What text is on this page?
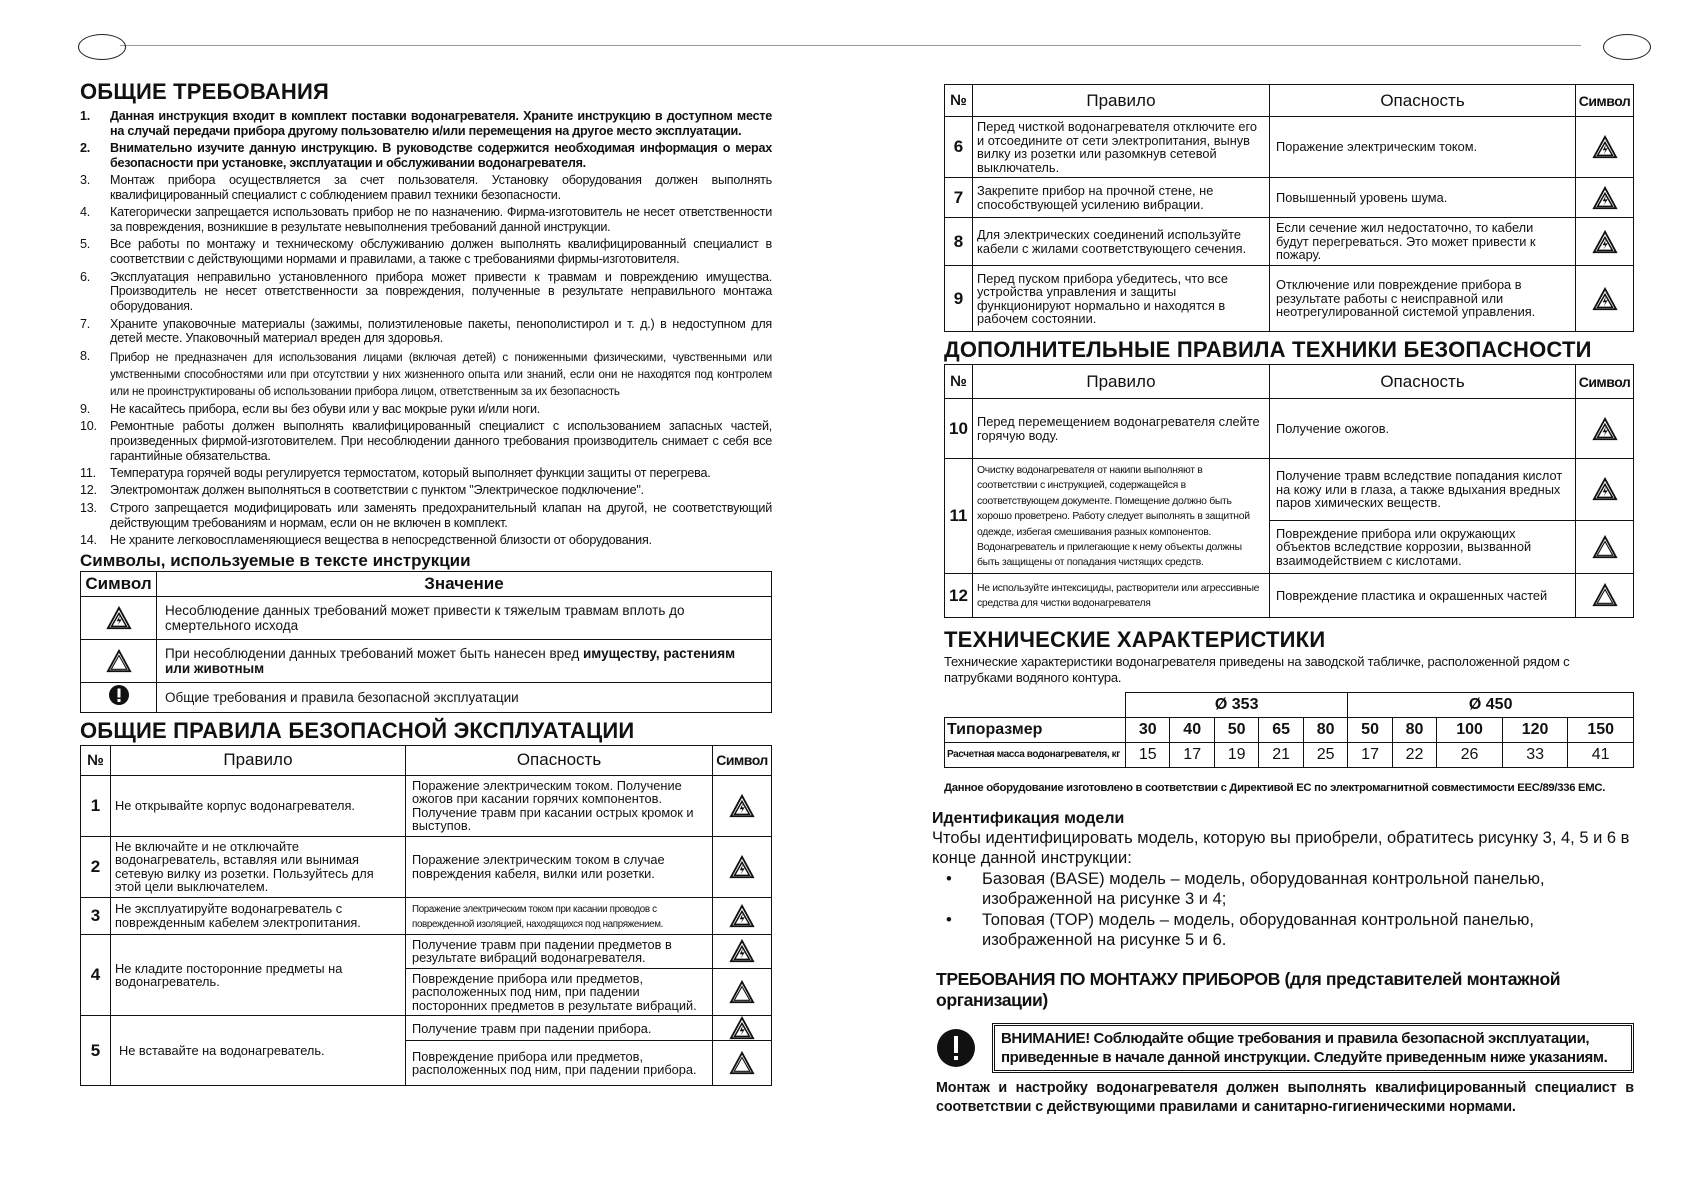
ОБЩИЕ ТРЕБОВАНИЯ
1.	Данная инструкция входит в комплект поставки водонагревателя. Храните инструкцию в доступном месте на случай передачи прибора другому пользователю и/или перемещения на другое место эксплуатации.
2.	Внимательно изучите данную инструкцию. В руководстве содержится необходимая информация о мерах безопасности при установке, эксплуатации и обслуживании водонагревателя.
3.	Монтаж прибора осуществляется за счет пользователя. Установку оборудования должен выполнять квалифицированный специалист с соблюдением правил техники безопасности.
4.	Категорически запрещается использовать прибор не по назначению. Фирма-изготовитель не несет ответственности за повреждения, возникшие в результате невыполнения требований данной инструкции.
5.	Все работы по монтажу и техническому обслуживанию должен выполнять квалифицированный специалист в соответствии с действующими нормами и правилами, а также с требованиями фирмы-изготовителя.
6.	Эксплуатация неправильно установленного прибора может привести к травмам и повреждению имущества. Производитель не несет ответственности за повреждения, полученные в результате неправильного монтажа оборудования.
7.	Храните упаковочные материалы (зажимы, полиэтиленовые пакеты, пенополистирол и т. д.) в недоступном для детей месте. Упаковочный материал вреден для здоровья.
8.	Прибор не предназначен для использования лицами (включая детей) с пониженными физическими, чувственными или умственными способностями или при отсутствии у них жизненного опыта или знаний, если они не находятся под контролем или не проинструктированы об использовании прибора лицом, ответственным за их безопасность
9.	Не касайтесь прибора, если вы без обуви или у вас мокрые руки и/или ноги.
10.	Ремонтные работы должен выполнять квалифицированный специалист с использованием запасных частей, произведенных фирмой-изготовителем. При несоблюдении данного требования производитель снимает с себя все гарантийные обязательства.
11.	Температура горячей воды регулируется термостатом, который выполняет функции защиты от перегрева.
12.	Электромонтаж должен выполняться в соответствии с пунктом "Электрическое подключение".
13.	Строго запрещается модифицировать или заменять предохранительный клапан на другой, не соответствующий действующим требованиям и нормам, если он не включен в комплект.
14.	Не храните легковоспламеняющиеся вещества в непосредственной близости от оборудования.
Символы, используемые в тексте инструкции
Символ	Значение

	Несоблюдение данных требований может привести к тяжелым травмам вплоть до смертельного исхода

	При несоблюдении данных требований может быть нанесен вред имуществу, растениям или животным
	Общие требования и правила безопасной эксплуатации
ОБЩИЕ ПРАВИЛА БЕЗОПАСНОЙ ЭКСПЛУАТАЦИИ
№	Правило	Опасность	Символ
1	Не открывайте корпус водонагревателя.	Поражение электрическим током. Получение ожогов при касании горячих компонентов. Получение травм при касании острых кромок и выступов.	

2	Не включайте и не отключайте водонагреватель, вставляя или вынимая сетевую вилку из розетки. Пользуйтесь для этой цели выключателем.	Поражение электрическим током в случае повреждения кабеля, вилки или розетки.	

3	Не эксплуатируйте водонагреватель с поврежденным кабелем электропитания.	Поражение электрическим током при касании проводов с поврежденной изоляцией, находящихся под напряжением.	

4	Не кладите посторонние предметы на водонагреватель.	Получение травм при падении предметов в результате вибраций водонагревателя.	

		Повреждение прибора или предметов, расположенных под ним, при падении посторонних предметов в результате вибраций.	

5	Не вставайте на водонагреватель.	Получение травм при падении прибора.	

		Повреждение прибора или предметов, расположенных под ним, при падении прибора.	
№	Правило	Опасность	Символ
6	Перед чисткой водонагревателя отключите его и отсоедините от сети электропитания, вынув вилку из розетки или разомкнув сетевой выключатель.	Поражение электрическим током.	

7	Закрепите прибор на прочной стене, не способствующей усилению вибрации.	Повышенный уровень шума.	

8	Для электрических соединений используйте кабели с жилами соответствующего сечения.	Если сечение жил недостаточно, то кабели будут перегреваться. Это может привести к пожару.	

9	Перед пуском прибора убедитесь, что все устройства управления и защиты функционируют нормально и находятся в рабочем состоянии.	Отключение или повреждение прибора в результате работы с неисправной или неотрегулированной системой управления.	
ДОПОЛНИТЕЛЬНЫЕ ПРАВИЛА ТЕХНИКИ БЕЗОПАСНОСТИ
№	Правило	Опасность	Символ
10	Перед перемещением водонагревателя слейте горячую воду.	Получение ожогов.	

11	Очистку водонагревателя от накипи выполняют в соответствии с инструкцией, содержащейся в соответствующем документе. Помещение должно быть хорошо проветрено. Работу следует выполнять в защитной одежде, избегая смешивания разных компонентов. Водонагреватель и прилегающие к нему объекты должны быть защищены от попадания чистящих средств.	Получение травм вследствие попадания кислот на кожу или в глаза, а также вдыхания вредных паров химических веществ.	

		Повреждение прибора или окружающих объектов вследствие коррозии, вызванной взаимодействием с кислотами.	

12	Не используйте интексициды, растворители или агрессивные средства для чистки водонагревателя	Повреждение пластика и окрашенных частей	
ТЕХНИЧЕСКИЕ ХАРАКТЕРИСТИКИ

Технические характеристики водонагревателя приведены на заводской табличке, расположенной рядом с патрубками водяного контура.

	Ø 353					Ø 450				
Типоразмер	30	40	50	65	80	50	80	100	120	150
Расчетная масса водонагревателя, кг	15	17	19	21	25	17	22	26	33	41

Данное оборудование изготовлено в соответствии с Директивой ЕС по электромагнитной совместимости EEC/89/336 EMC.

Идентификация модели

Чтобы идентифицировать модель, которую вы приобрели, обратитесь рисунку 3, 4, 5 и 6 в конце данной инструкции:

•	Базовая (BASE) модель – модель, оборудованная контрольной панелью, изображенной на рисунке 3 и 4;
•	Топовая (TOP) модель – модель, оборудованная контрольной панелью, изображенной на рисунке 5 и 6.

ТРЕБОВАНИЯ ПО МОНТАЖУ ПРИБОРОВ (для представителей монтажной организации)

ВНИМАНИЕ! Соблюдайте общие требования и правила безопасной эксплуатации, приведенные в начале данной инструкции. Следуйте приведенным ниже указаниям.

Монтаж и настройку водонагревателя должен выполнять квалифицированный специалист в соответствии с действующими правилами и санитарно-гигиеническими нормами.
